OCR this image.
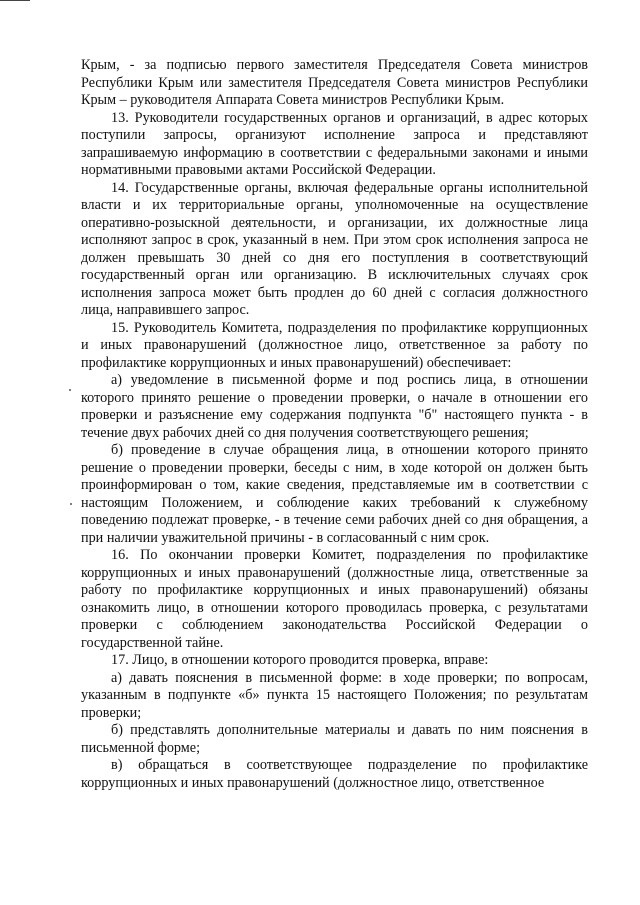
Крым, - за подписью первого заместителя Председателя Совета министров Республики Крым или заместителя Председателя Совета министров Республики Крым – руководителя Аппарата Совета министров Республики Крым.

13. Руководители государственных органов и организаций, в адрес которых поступили запросы, организуют исполнение запроса и представляют запрашиваемую информацию в соответствии с федеральными законами и иными нормативными правовыми актами Российской Федерации.

14. Государственные органы, включая федеральные органы исполнительной власти и их территориальные органы, уполномоченные на осуществление оперативно-розыскной деятельности, и организации, их должностные лица исполняют запрос в срок, указанный в нем. При этом срок исполнения запроса не должен превышать 30 дней со дня его поступления в соответствующий государственный орган или организацию. В исключительных случаях срок исполнения запроса может быть продлен до 60 дней с согласия должностного лица, направившего запрос.

15. Руководитель Комитета, подразделения по профилактике коррупционных и иных правонарушений (должностное лицо, ответственное за работу по профилактике коррупционных и иных правонарушений) обеспечивает:

а) уведомление в письменной форме и под роспись лица, в отношении которого принято решение о проведении проверки, о начале в отношении его проверки и разъяснение ему содержания подпункта "б" настоящего пункта - в течение двух рабочих дней со дня получения соответствующего решения;

б) проведение в случае обращения лица, в отношении которого принято решение о проведении проверки, беседы с ним, в ходе которой он должен быть проинформирован о том, какие сведения, представляемые им в соответствии с настоящим Положением, и соблюдение каких требований к служебному поведению подлежат проверке, - в течение семи рабочих дней со дня обращения, а при наличии уважительной причины - в согласованный с ним срок.

16. По окончании проверки Комитет, подразделения по профилактике коррупционных и иных правонарушений (должностные лица, ответственные за работу по профилактике коррупционных и иных правонарушений) обязаны ознакомить лицо, в отношении которого проводилась проверка, с результатами проверки с соблюдением законодательства Российской Федерации о государственной тайне.

17. Лицо, в отношении которого проводится проверка, вправе:

а) давать пояснения в письменной форме: в ходе проверки; по вопросам, указанным в подпункте «б» пункта 15 настоящего Положения; по результатам проверки;

б) представлять дополнительные материалы и давать по ним пояснения в письменной форме;

в) обращаться в соответствующее подразделение по профилактике коррупционных и иных правонарушений (должностное лицо, ответственное
